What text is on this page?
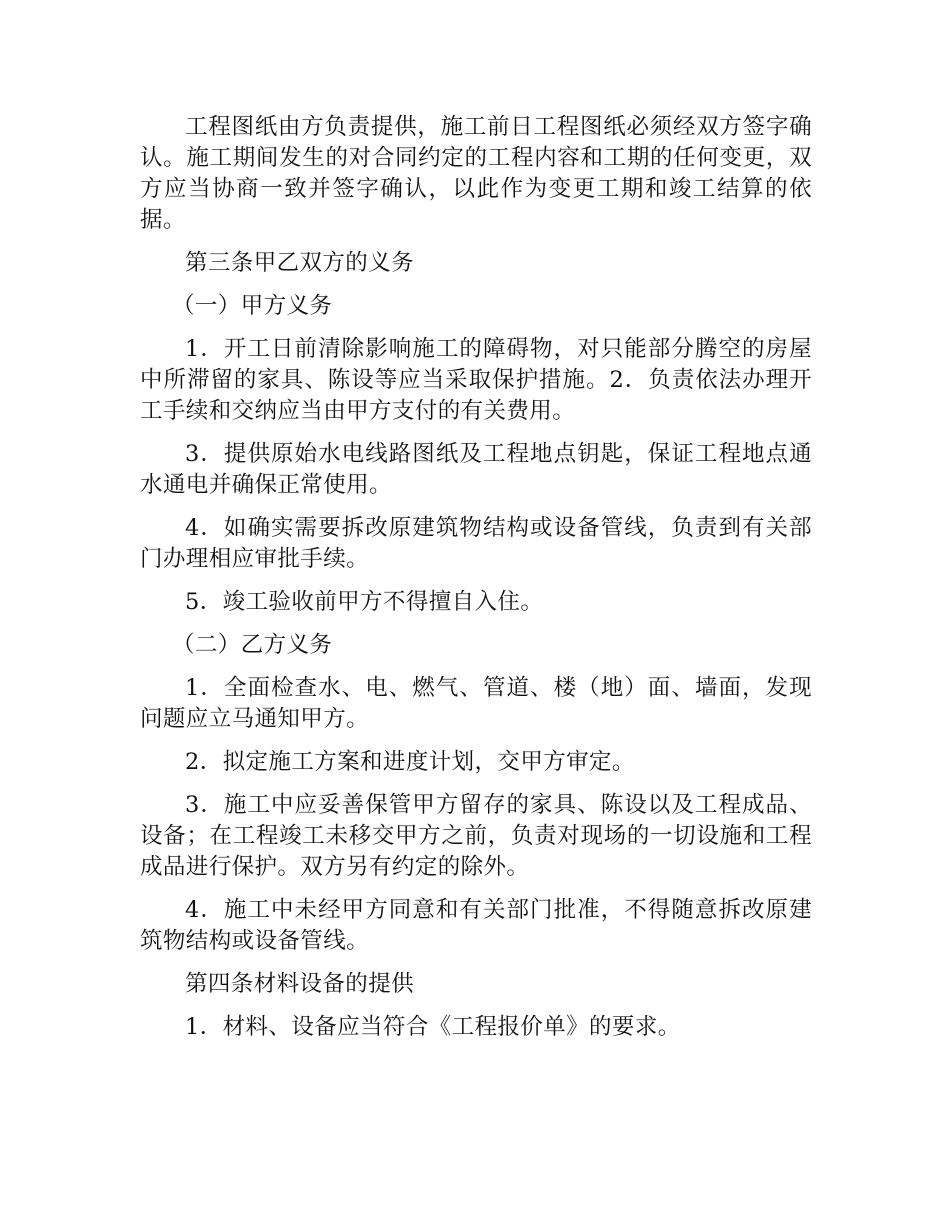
工程图纸由方负责提供，施工前日工程图纸必须经双方签字确认。施工期间发生的对合同约定的工程内容和工期的任何变更，双方应当协商一致并签字确认，以此作为变更工期和竣工结算的依据。

第三条甲乙双方的义务

（一）甲方义务

1．开工日前清除影响施工的障碍物，对只能部分腾空的房屋中所滞留的家具、陈设等应当采取保护措施。2．负责依法办理开工手续和交纳应当由甲方支付的有关费用。

3．提供原始水电线路图纸及工程地点钥匙，保证工程地点通水通电并确保正常使用。

4．如确实需要拆改原建筑物结构或设备管线，负责到有关部门办理相应审批手续。

5．竣工验收前甲方不得擅自入住。

（二）乙方义务

1．全面检查水、电、燃气、管道、楼（地）面、墙面，发现问题应立马通知甲方。

2．拟定施工方案和进度计划，交甲方审定。

3．施工中应妥善保管甲方留存的家具、陈设以及工程成品、设备；在工程竣工未移交甲方之前，负责对现场的一切设施和工程成品进行保护。双方另有约定的除外。

4．施工中未经甲方同意和有关部门批准，不得随意拆改原建筑物结构或设备管线。

第四条材料设备的提供

1．材料、设备应当符合《工程报价单》的要求。
